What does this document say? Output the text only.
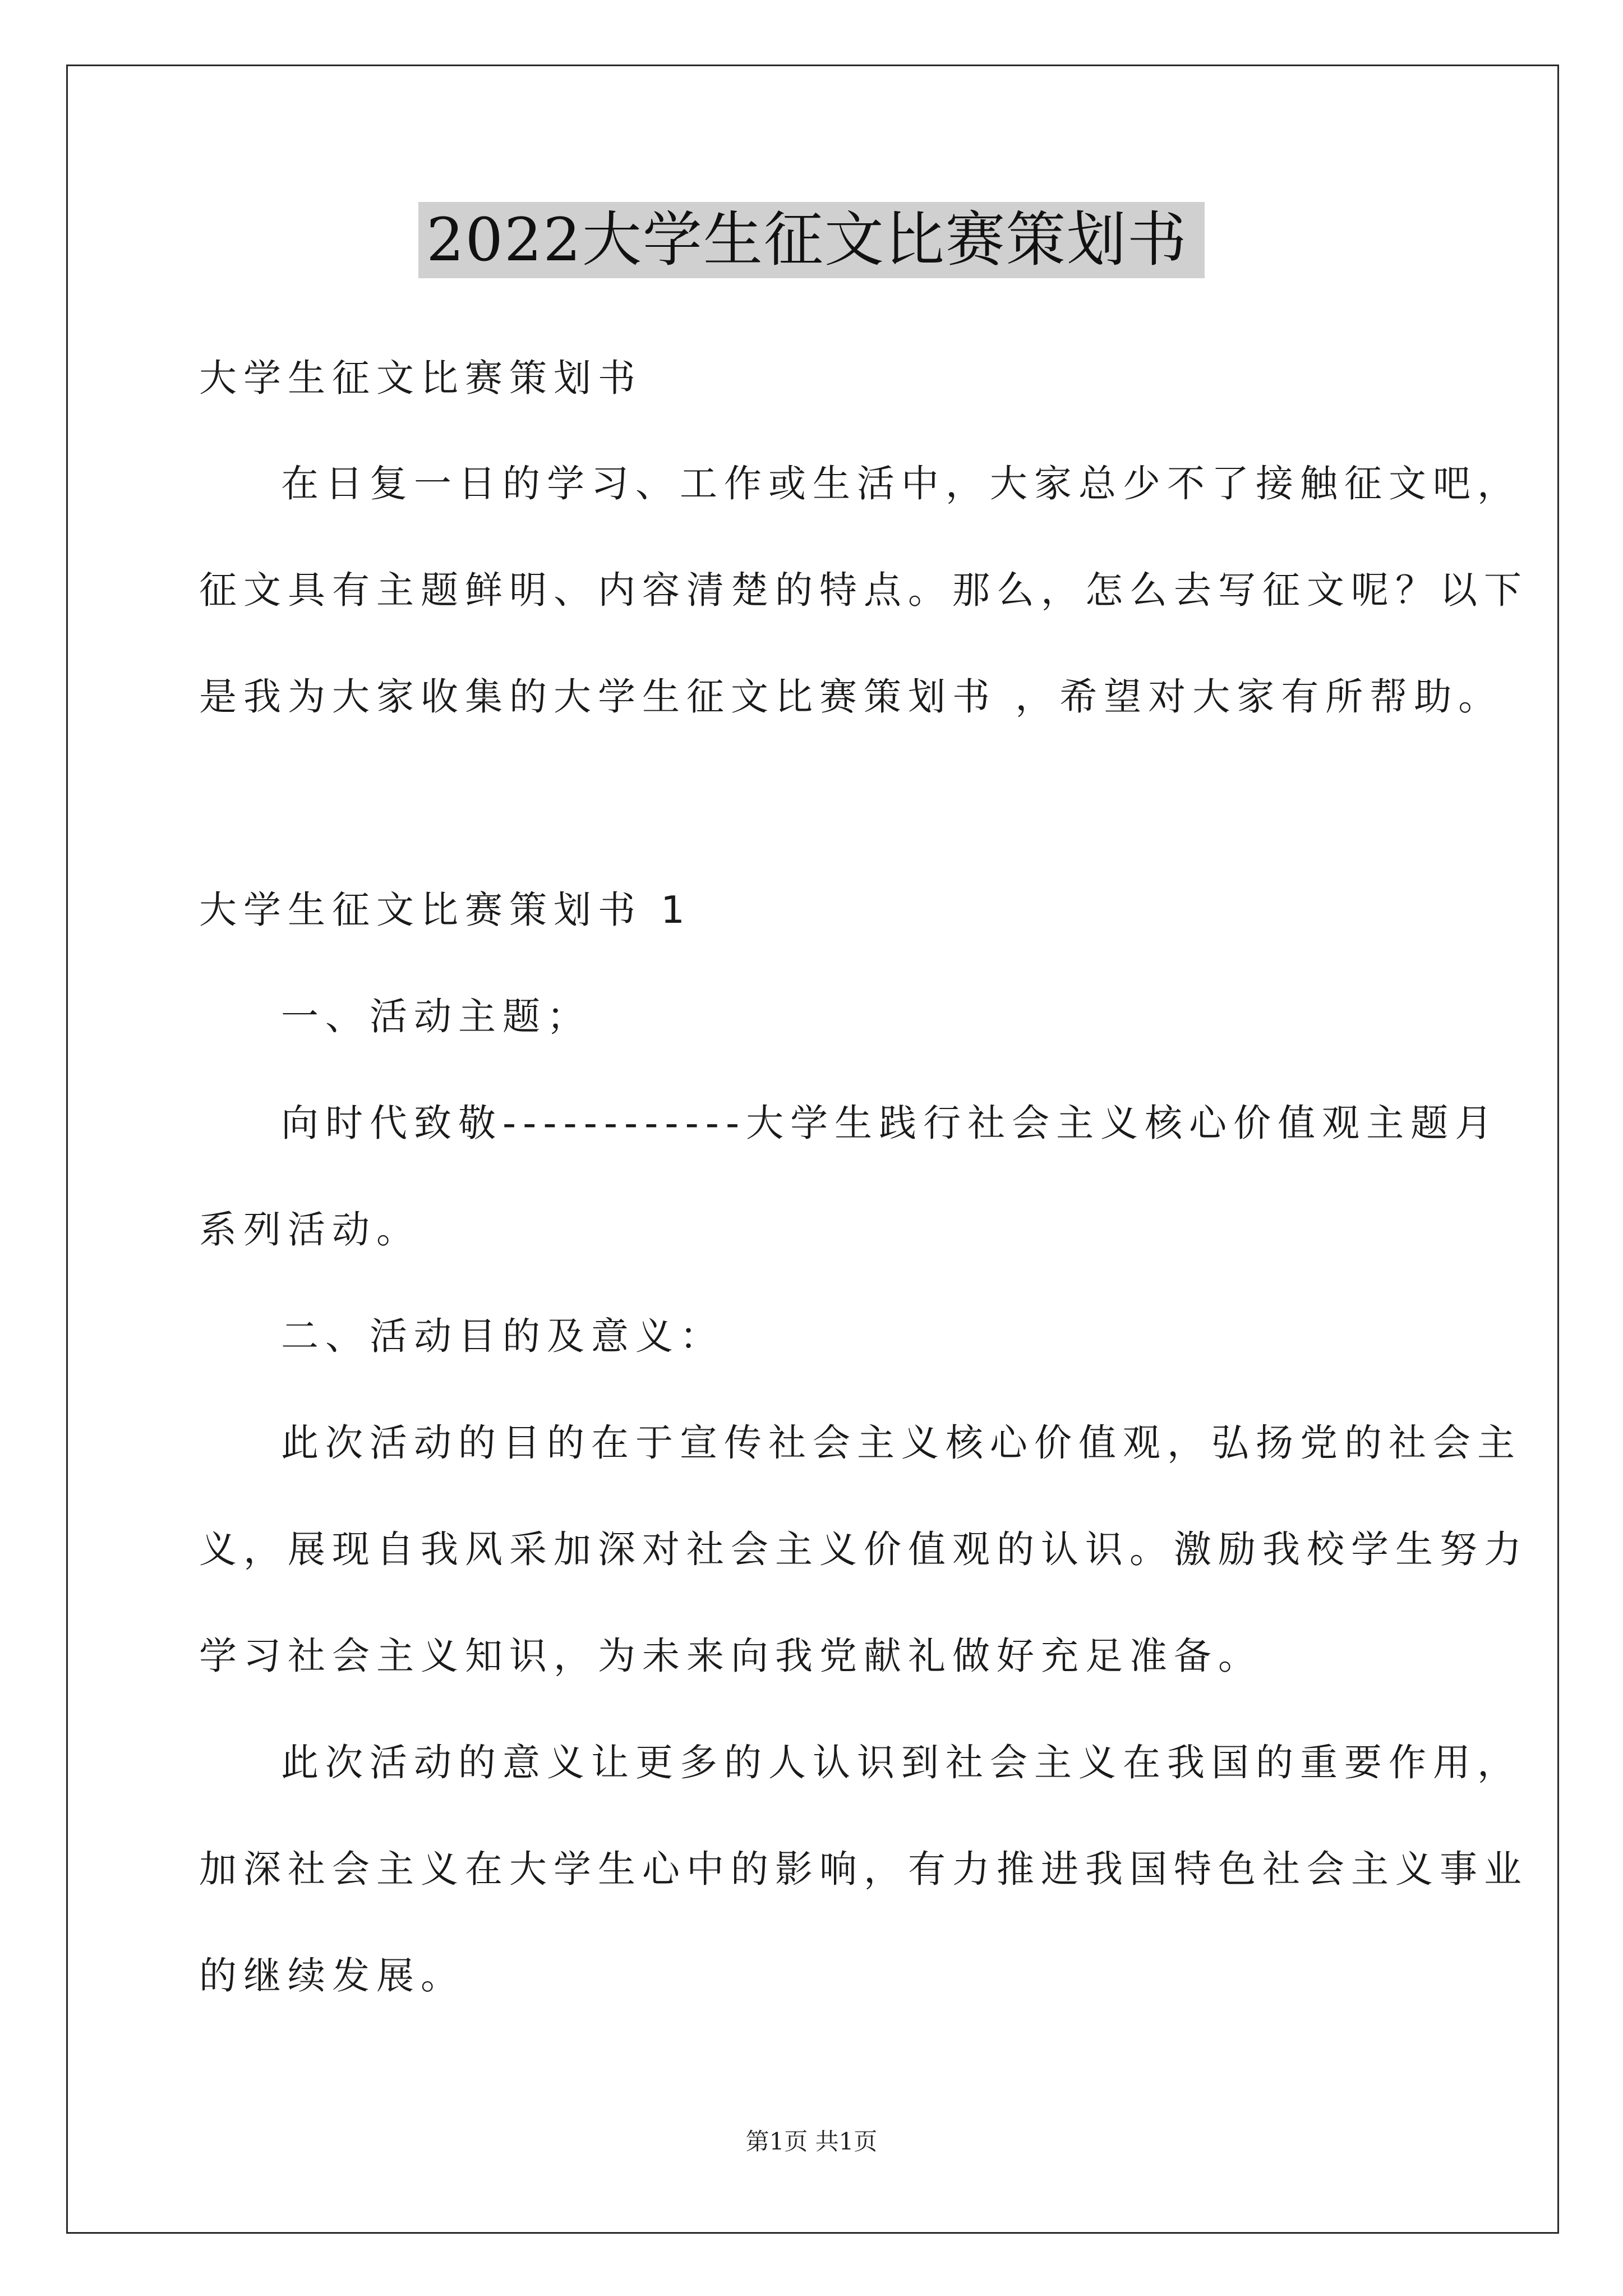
2022大学生征文比赛策划书
大学生征文比赛策划书
在日复一日的学习、工作或生活中，大家总少不了接触征文吧，
征文具有主题鲜明、内容清楚的特点。那么，怎么去写征文呢？以下
是我为大家收集的大学生征文比赛策划书 ，希望对大家有所帮助。
大学生征文比赛策划书 1
一、活动主题；
向时代致敬------------大学生践行社会主义核心价值观主题月
系列活动。
二、活动目的及意义：
此次活动的目的在于宣传社会主义核心价值观，弘扬党的社会主
义，展现自我风采加深对社会主义价值观的认识。激励我校学生努力
学习社会主义知识，为未来向我党献礼做好充足准备。
此次活动的意义让更多的人认识到社会主义在我国的重要作用，
加深社会主义在大学生心中的影响，有力推进我国特色社会主义事业
的继续发展。
第1页 共1页
